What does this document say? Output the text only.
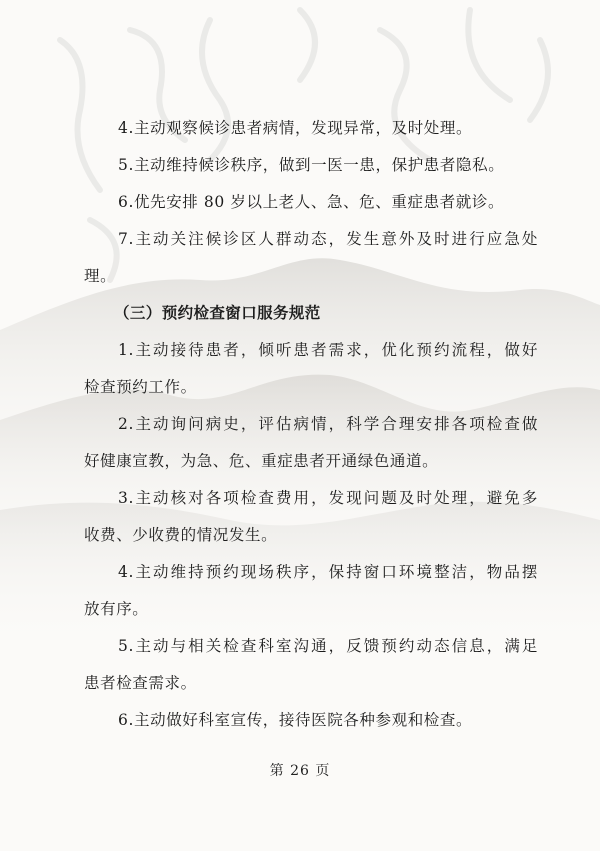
4.主动观察候诊患者病情，发现异常，及时处理。
5.主动维持候诊秩序，做到一医一患，保护患者隐私。
6.优先安排 80 岁以上老人、急、危、重症患者就诊。
7.主动关注候诊区人群动态，发生意外及时进行应急处
理。
（三）预约检查窗口服务规范
1.主动接待患者，倾听患者需求，优化预约流程，做好
检查预约工作。
2.主动询问病史，评估病情，科学合理安排各项检查做
好健康宣教，为急、危、重症患者开通绿色通道。
3.主动核对各项检查费用，发现问题及时处理，避免多
收费、少收费的情况发生。
4.主动维持预约现场秩序，保持窗口环境整洁，物品摆
放有序。
5.主动与相关检查科室沟通，反馈预约动态信息，满足
患者检查需求。
6.主动做好科室宣传，接待医院各种参观和检查。
第 26 页
